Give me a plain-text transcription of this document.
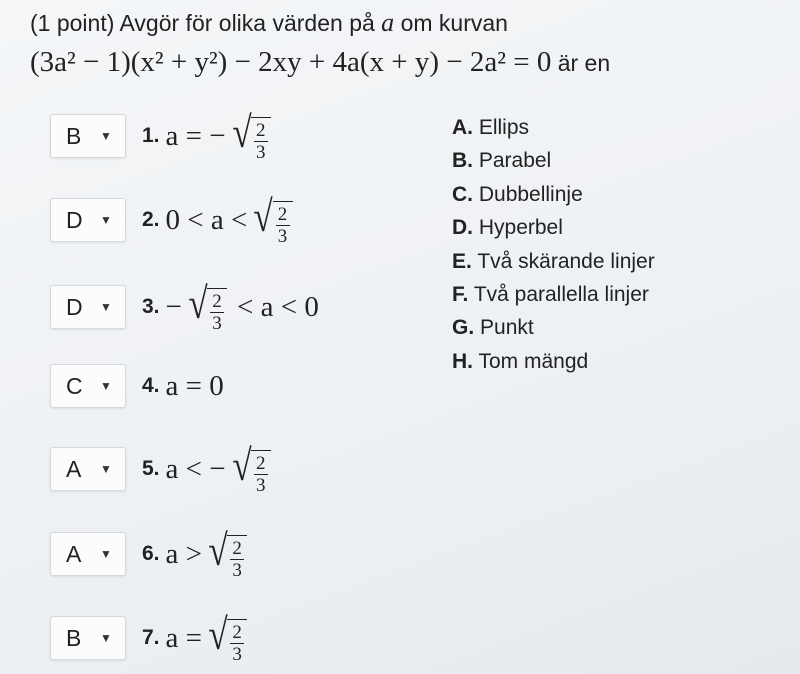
(1 point) Avgör för olika värden på a om kurvan
(3a² − 1)(x² + y²) − 2xy + 4a(x + y) − 2a² = 0 är en
B	▼ 1. a = − √ $\frac{2}{3}$
D	▼ 2. 0 < a < √ $\frac{2}{3}$
D	▼ 3. − √ $\frac{2}{3} < a < 0$
C	▼ 4. a = 0
A	▼ 5. a < − √ $\frac{2}{3}$
A	▼ 6. a > √ $\frac{2}{3}$
B	▼ 7. a = √ $\frac{2}{3}$
A. Ellips
B. Parabel
C. Dubbellinje
D. Hyperbel
E. Två skärande linjer
F. Två parallella linjer
G. Punkt
H. Tom mängd
